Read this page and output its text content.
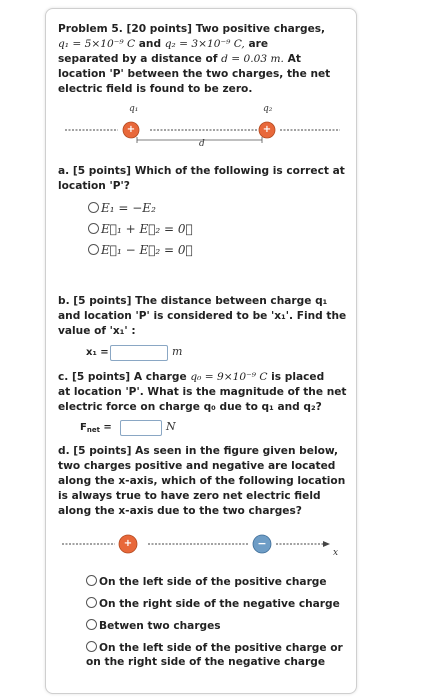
Problem 5. [20 points] Two positive charges,
q₁ = 5×10⁻⁹ C and q₂ = 3×10⁻⁹ C, are
separated by a distance of d = 0.03 m. At
location 'P' between the two charges, the net
electric field is found to be zero.
q₁	q₂
+	+
d
a. [5 points] Which of the following is correct at
location 'P'?
E₁ = −E₂
E⃗₁ + E⃗₂ = 0⃗
E⃗₁ − E⃗₂ = 0⃗
b. [5 points] The distance between charge q₁
and location 'P' is considered to be 'x₁'. Find the
value of 'x₁' :
x₁ =	m
c. [5 points] A charge q₀ = 9×10⁻⁹ C is placed
at location 'P'. What is the magnitude of the net
electric force on charge q₀ due to q₁ and q₂?
$F_{net}$ =	N
d. [5 points] As seen in the figure given below,
two charges positive and negative are located
along the x-axis, which of the following location
is always true to have zero net electric field
along the x-axis due to the two charges?
+	−
x
On the left side of the positive charge
On the right side of the negative charge
Betwen two charges
On the left side of the positive charge or
on the right side of the negative charge
